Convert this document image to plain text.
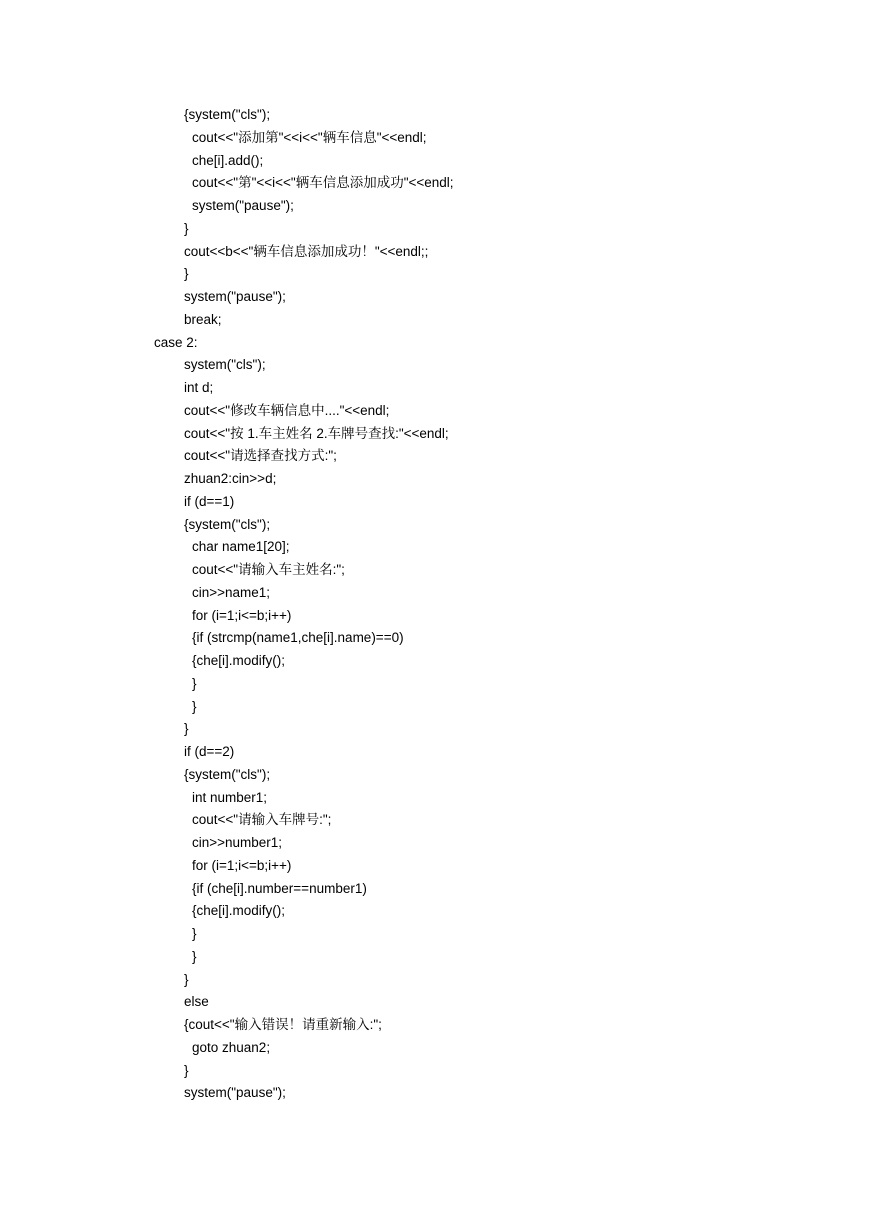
{system("cls");
cout<<"添加第"<<i<<"辆车信息"<<endl;
che[i].add();
cout<<"第"<<i<<"辆车信息添加成功"<<endl;
system("pause");
}
cout<<b<<"辆车信息添加成功！"<<endl;;
}
system("pause");
break;
case 2:
system("cls");
int d;
cout<<"修改车辆信息中...."<<endl;
cout<<"按 1.车主姓名 2.车牌号查找:"<<endl;
cout<<"请选择查找方式:";
zhuan2:cin>>d;
if (d==1)
{system("cls");
char name1[20];
cout<<"请输入车主姓名:";
cin>>name1;
for (i=1;i<=b;i++)
{if (strcmp(name1,che[i].name)==0)
{che[i].modify();
}
}
}
if (d==2)
{system("cls");
int number1;
cout<<"请输入车牌号:";
cin>>number1;
for (i=1;i<=b;i++)
{if (che[i].number==number1)
{che[i].modify();
}
}
}
else
{cout<<"输入错误！请重新输入:";
goto zhuan2;
}
system("pause");
